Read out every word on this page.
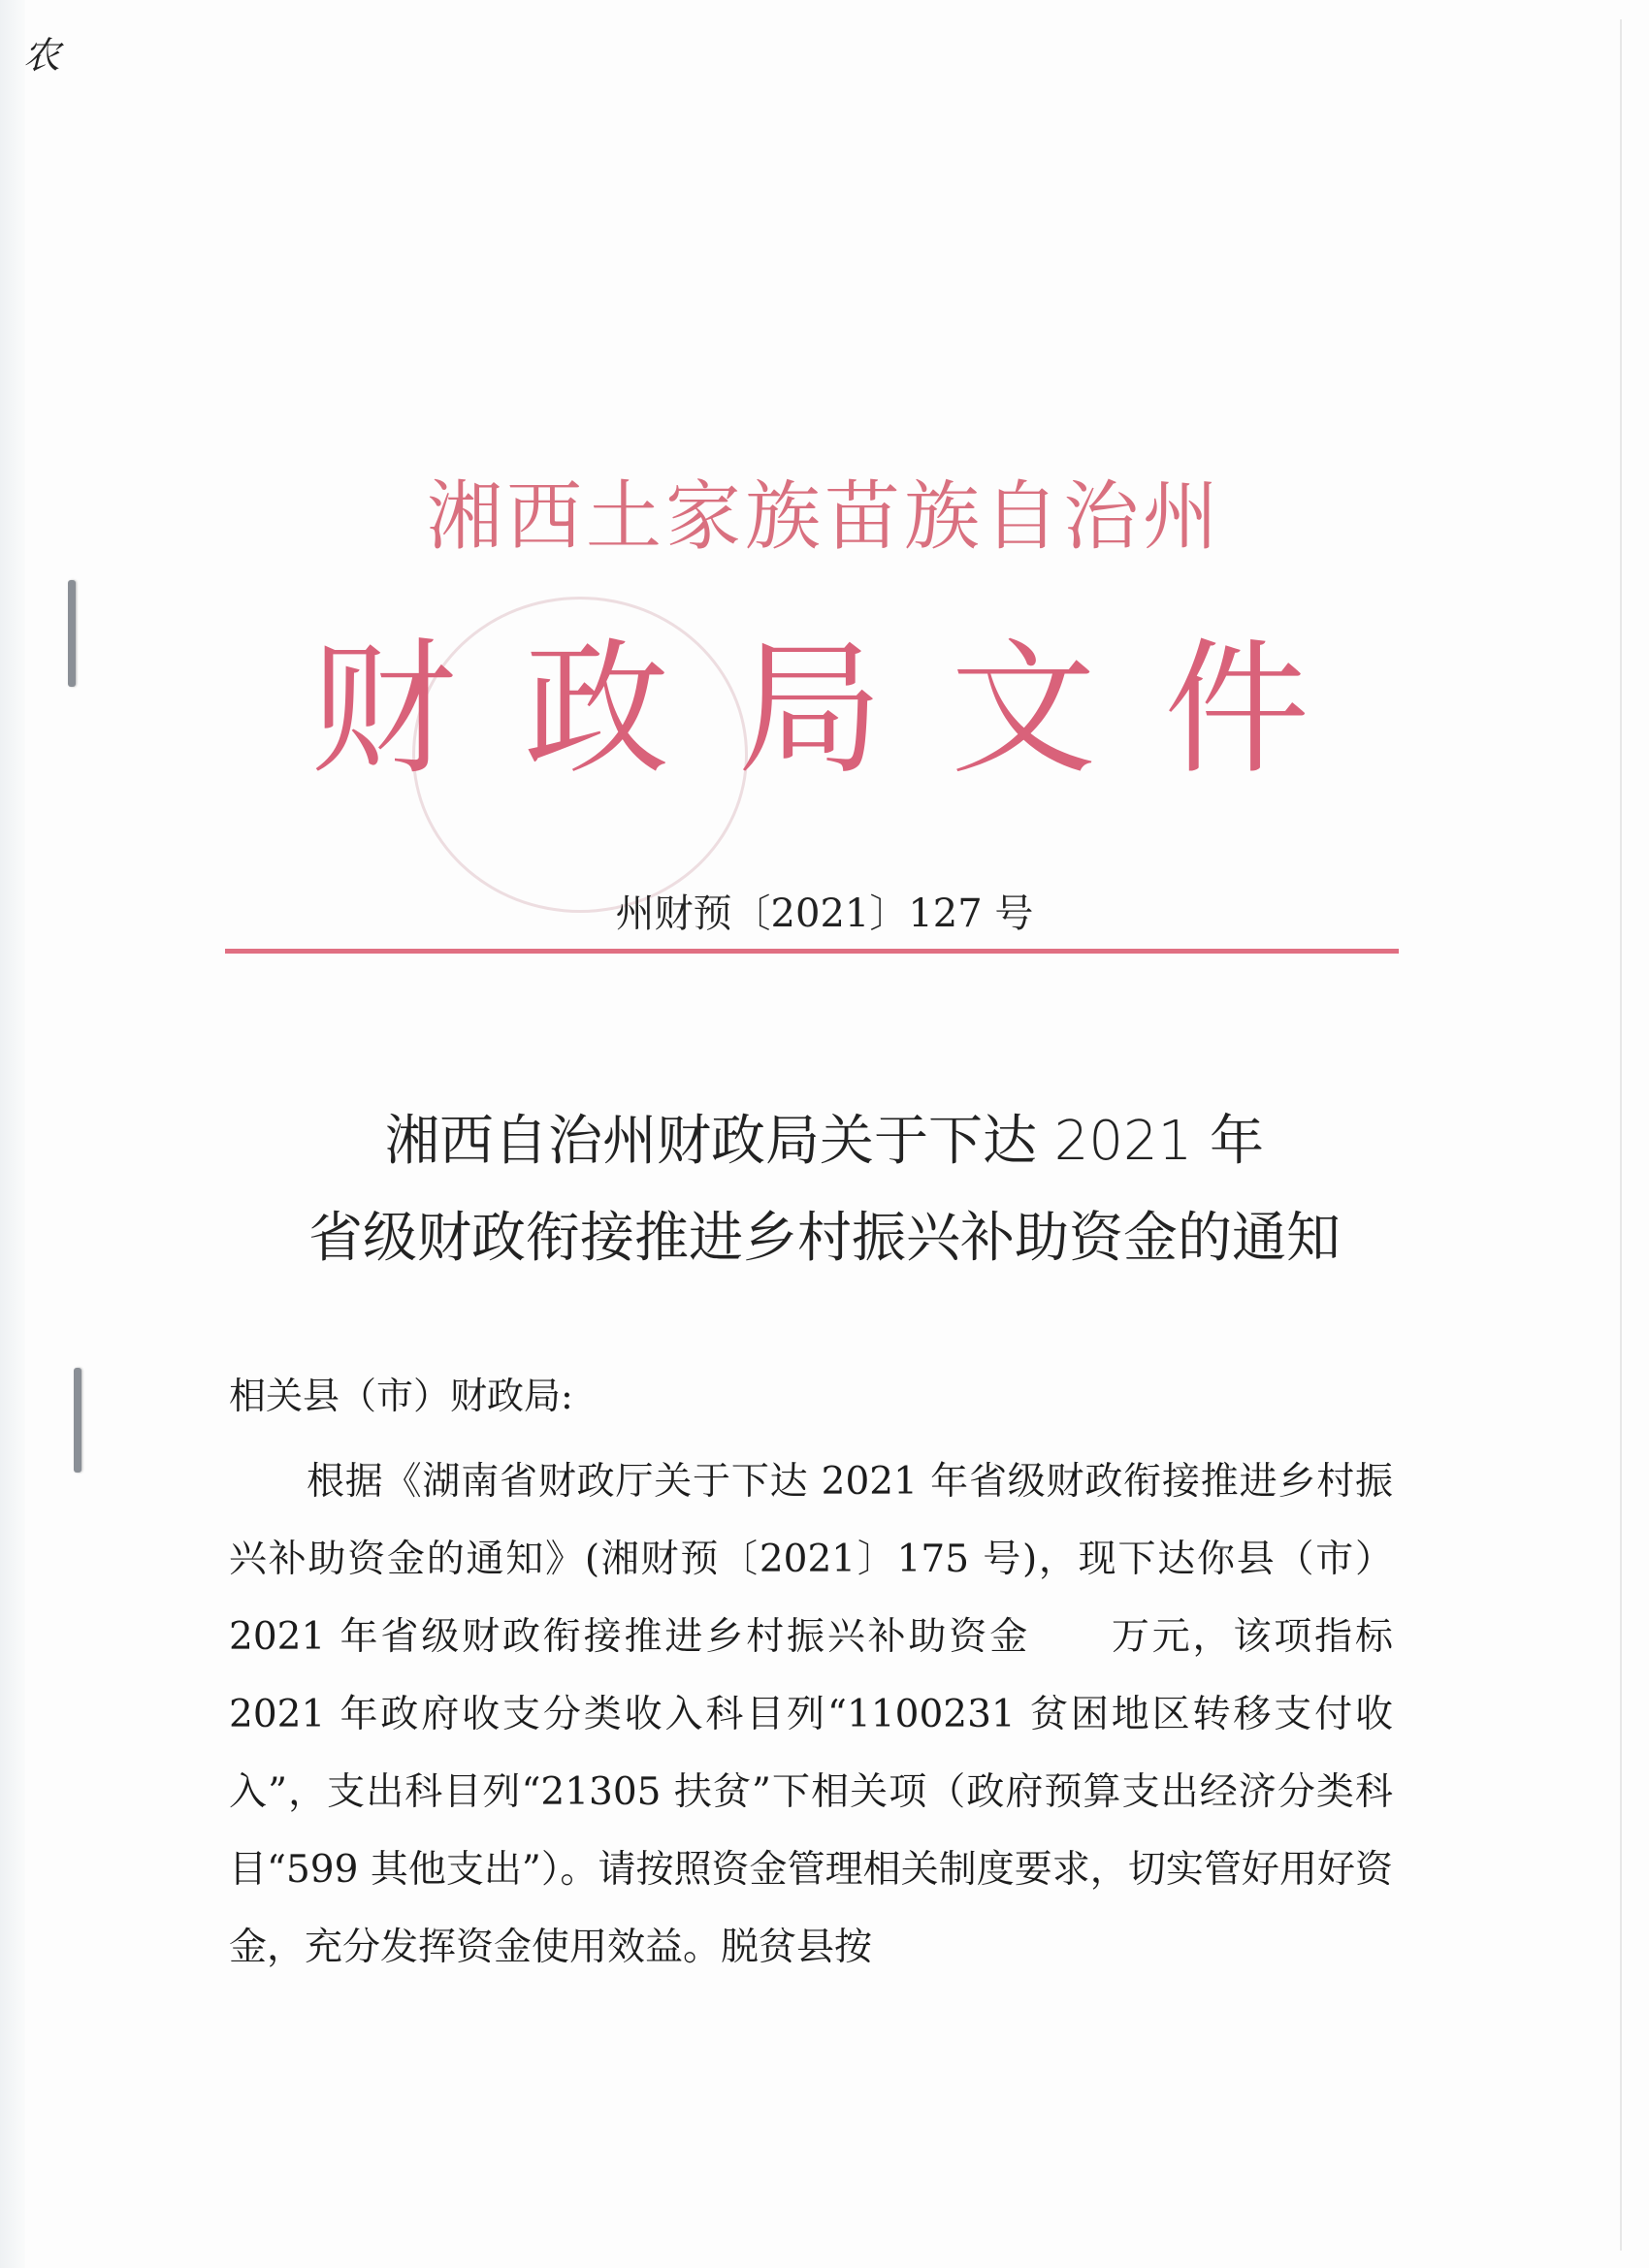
农
湘西土家族苗族自治州
财政局文件
州财预〔2021〕127 号
湘西自治州财政局关于下达 2021 年
省级财政衔接推进乡村振兴补助资金的通知
相关县（市）财政局:
根据《湖南省财政厅关于下达 2021 年省级财政衔接推进乡村振兴补助资金的通知》(湘财预〔2021〕175 号)，现下达你县（市）2021 年省级财政衔接推进乡村振兴补助资金　　万元，该项指标 2021 年政府收支分类收入科目列“1100231 贫困地区转移支付收入”，支出科目列“21305 扶贫”下相关项（政府预算支出经济分类科目“599 其他支出”）。请按照资金管理相关制度要求，切实管好用好资金，充分发挥资金使用效益。脱贫县按
